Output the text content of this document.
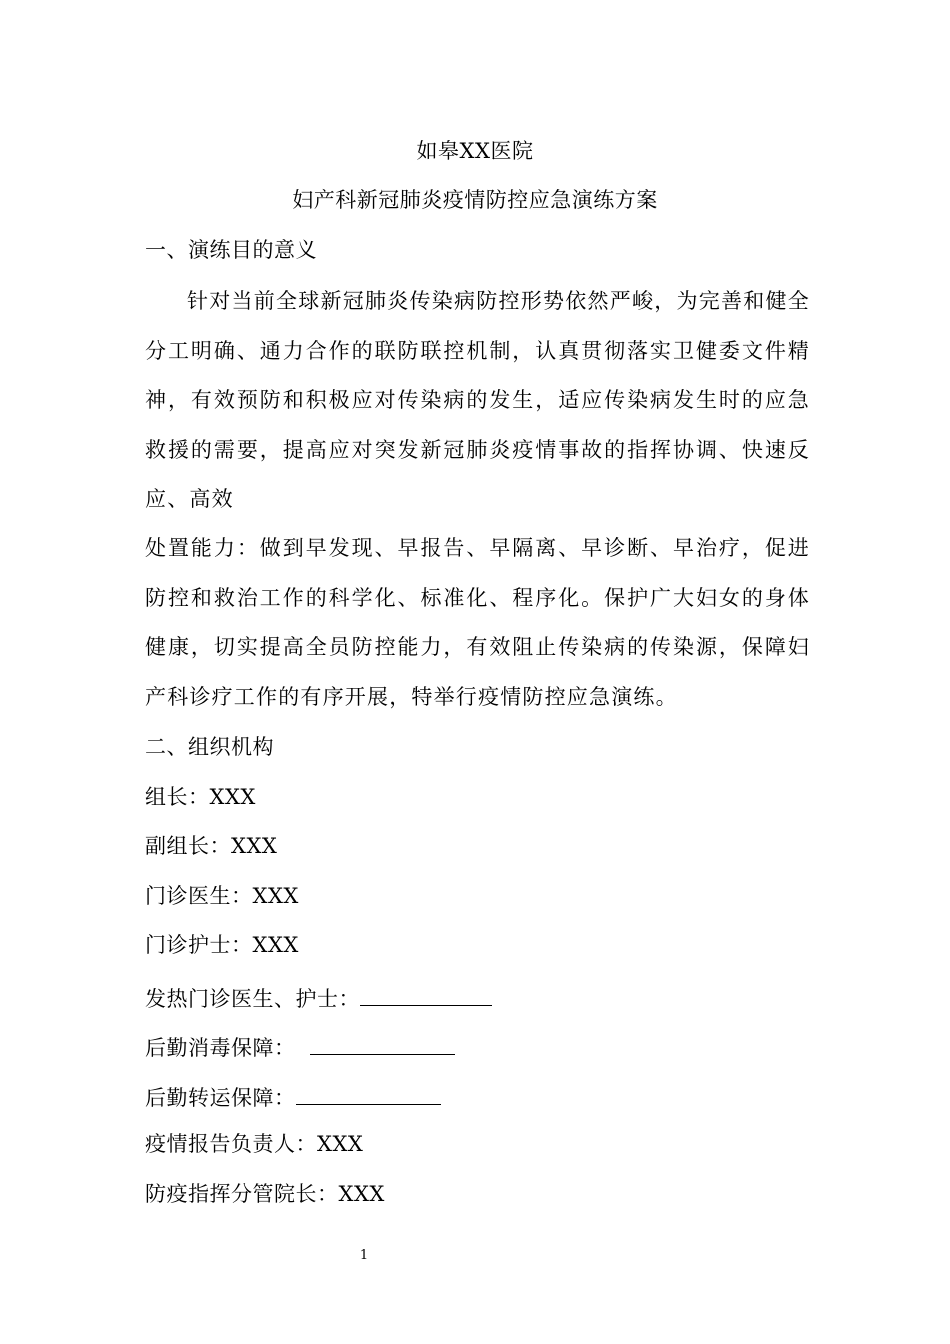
如皋XX医院
妇产科新冠肺炎疫情防控应急演练方案
一、演练目的意义
针对当前全球新冠肺炎传染病防控形势依然严峻，为完善和健全分工明确、通力合作的联防联控机制，认真贯彻落实卫健委文件精神，有效预防和积极应对传染病的发生，适应传染病发生时的应急救援的需要，提高应对突发新冠肺炎疫情事故的指挥协调、快速反应、高效
处置能力：做到早发现、早报告、早隔离、早诊断、早治疗，促进防控和救治工作的科学化、标准化、程序化。保护广大妇女的身体健康，切实提高全员防控能力，有效阻止传染病的传染源，保障妇产科诊疗工作的有序开展，特举行疫情防控应急演练。
二、组织机构
组长：XXX
副组长：XXX
门诊医生：XXX
门诊护士：XXX
发热门诊医生、护士：
后勤消毒保障：
后勤转运保障：
疫情报告负责人：XXX
防疫指挥分管院长：XXX
1
